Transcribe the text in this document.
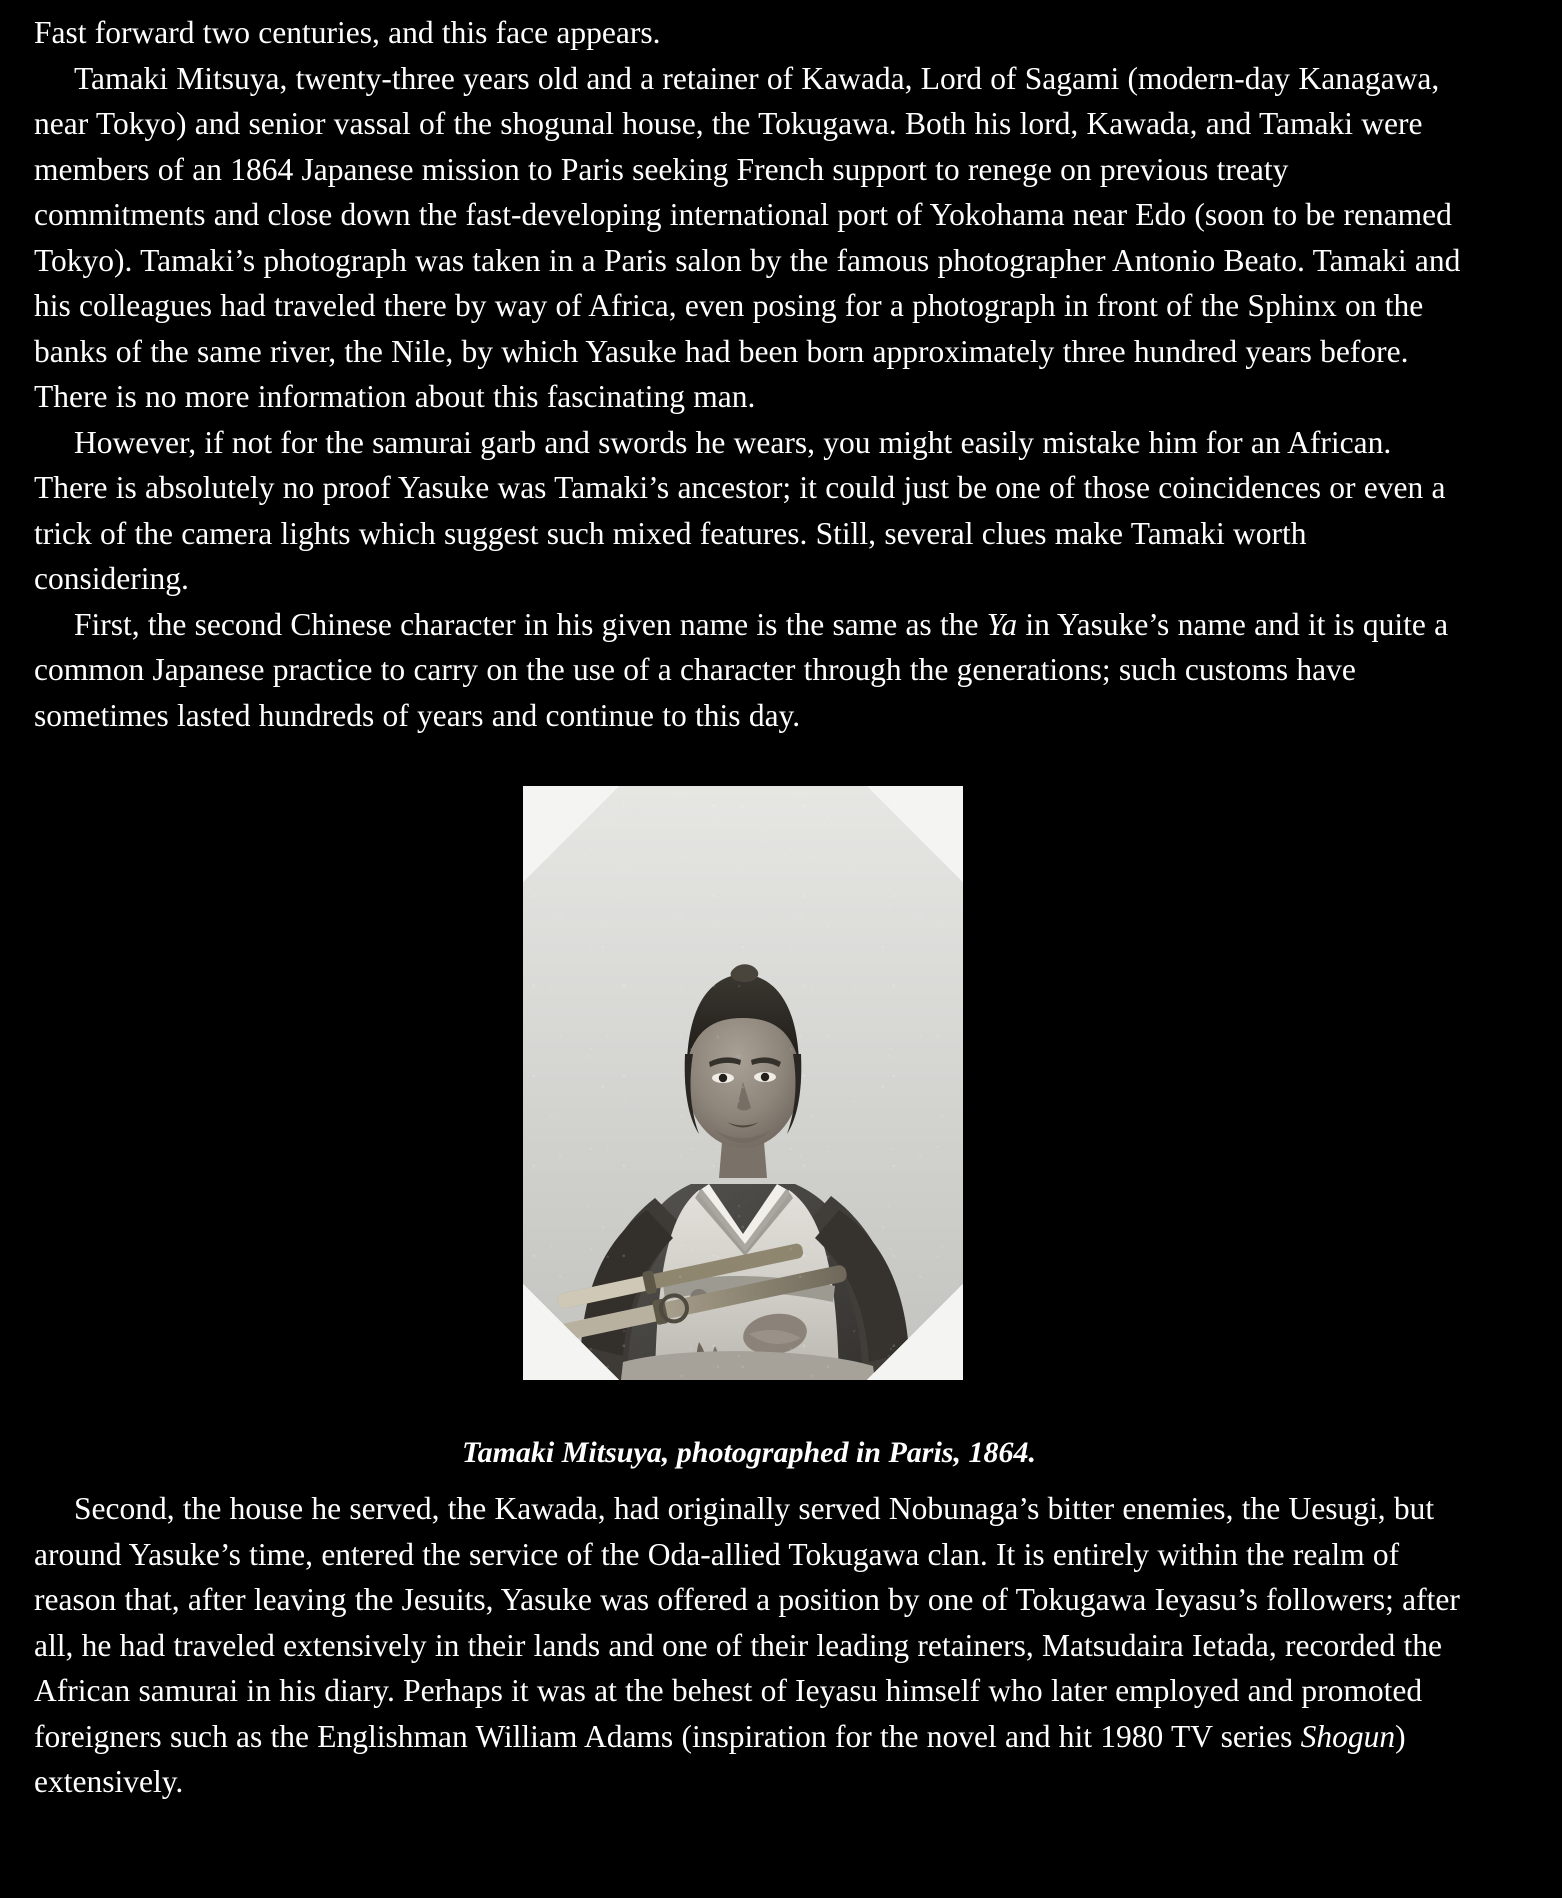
Fast forward two centuries, and this face appears.

Tamaki Mitsuya, twenty-three years old and a retainer of Kawada, Lord of Sagami (modern-day Kanagawa, near Tokyo) and senior vassal of the shogunal house, the Tokugawa. Both his lord, Kawada, and Tamaki were members of an 1864 Japanese mission to Paris seeking French support to renege on previous treaty commitments and close down the fast-developing international port of Yokohama near Edo (soon to be renamed Tokyo). Tamaki’s photograph was taken in a Paris salon by the famous photographer Antonio Beato. Tamaki and his colleagues had traveled there by way of Africa, even posing for a photograph in front of the Sphinx on the banks of the same river, the Nile, by which Yasuke had been born approximately three hundred years before. There is no more information about this fascinating man.

However, if not for the samurai garb and swords he wears, you might easily mistake him for an African. There is absolutely no proof Yasuke was Tamaki’s ancestor; it could just be one of those coincidences or even a trick of the camera lights which suggest such mixed features. Still, several clues make Tamaki worth considering.

First, the second Chinese character in his given name is the same as the Ya in Yasuke’s name and it is quite a common Japanese practice to carry on the use of a character through the generations; such customs have sometimes lasted hundreds of years and continue to this day.

Tamaki Mitsuya, photographed in Paris, 1864.

Second, the house he served, the Kawada, had originally served Nobunaga’s bitter enemies, the Uesugi, but around Yasuke’s time, entered the service of the Oda-allied Tokugawa clan. It is entirely within the realm of reason that, after leaving the Jesuits, Yasuke was offered a position by one of Tokugawa Ieyasu’s followers; after all, he had traveled extensively in their lands and one of their leading retainers, Matsudaira Ietada, recorded the African samurai in his diary. Perhaps it was at the behest of Ieyasu himself who later employed and promoted foreigners such as the Englishman William Adams (inspiration for the novel and hit 1980 TV series Shogun) extensively.
